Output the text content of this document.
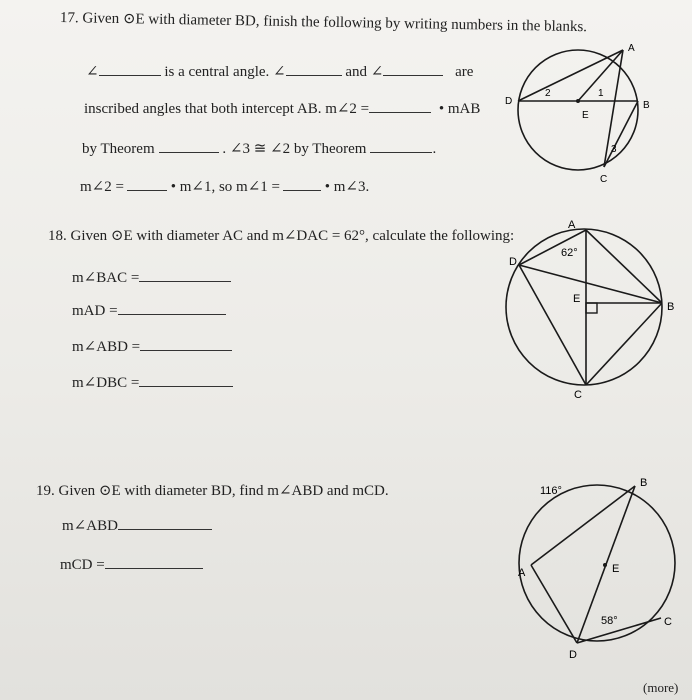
17. Given ⊙E with diameter BD, finish the following by writing numbers in the blanks.
∠	is a central angle. ∠	and ∠	are
inscribed angles that both intercept AB. m∠2 =	• mAB
by Theorem	. ∠3 ≅ ∠2 by Theorem	.
m∠2 =	• m∠1, so m∠1 =	• m∠3.
A
B
C
D
E
1
2
3
18. Given ⊙E with diameter AC and m∠DAC = 62°, calculate the following:
m∠BAC =
mAD =
m∠ABD =
m∠DBC =
A
B
C
D
E
62°
19. Given ⊙E with diameter BD, find m∠ABD and mCD.
m∠ABD
mCD =	A
B
C
D
E
116°
58°
(more)
